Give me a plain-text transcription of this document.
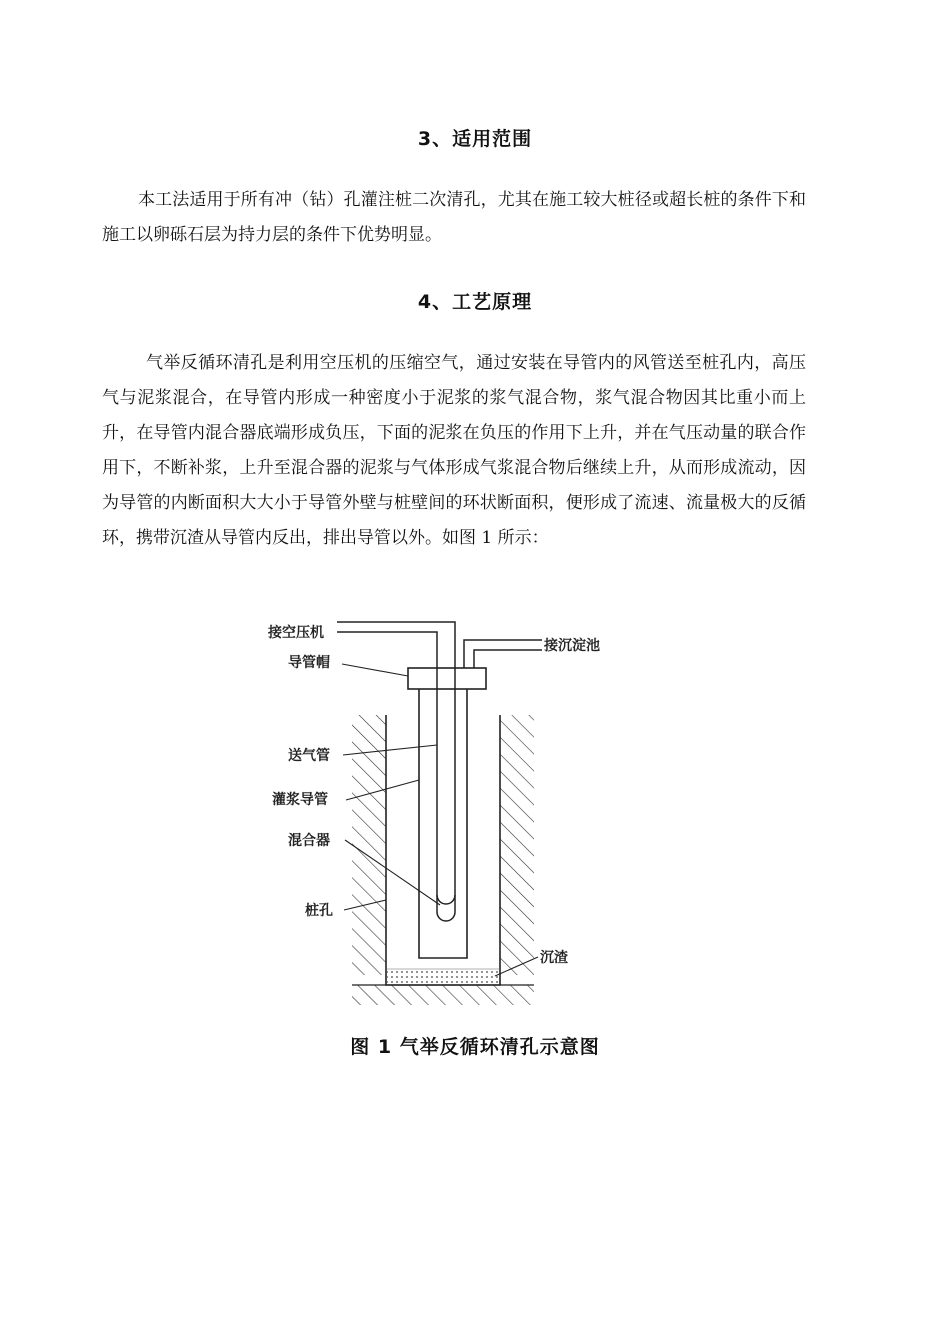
3、适用范围

本工法适用于所有冲（钻）孔灌注桩二次清孔，尤其在施工较大桩径或超长桩的条件下和施工以卵砾石层为持力层的条件下优势明显。

4、工艺原理

气举反循环清孔是利用空压机的压缩空气，通过安装在导管内的风管送至桩孔内，高压气与泥浆混合，在导管内形成一种密度小于泥浆的浆气混合物，浆气混合物因其比重小而上升，在导管内混合器底端形成负压，下面的泥浆在负压的作用下上升，并在气压动量的联合作用下，不断补浆，上升至混合器的泥浆与气体形成气浆混合物后继续上升，从而形成流动，因为导管的内断面积大大小于导管外壁与桩壁间的环状断面积，便形成了流速、流量极大的反循环，携带沉渣从导管内反出，排出导管以外。如图 1 所示：

接空压机
导管帽
送气管
灌浆导管
混合器
桩孔
接沉淀池
沉渣
图 1 气举反循环清孔示意图
